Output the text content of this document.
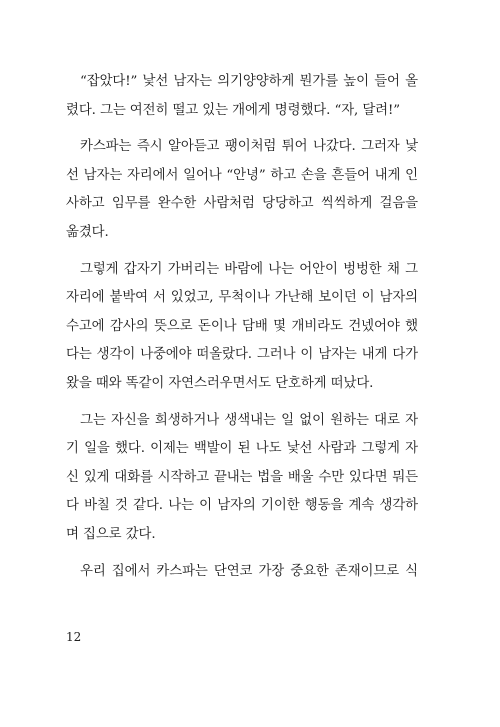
“잡았다!” 낯선 남자는 의기양양하게 뭔가를 높이 들어 올
렸다. 그는 여전히 떨고 있는 개에게 명령했다. “자, 달려!”

카스파는 즉시 알아듣고 팽이처럼 튀어 나갔다. 그러자 낯
선 남자는 자리에서 일어나 “안녕” 하고 손을 흔들어 내게 인
사하고 임무를 완수한 사람처럼 당당하고 씩씩하게 걸음을
옮겼다.

그렇게 갑자기 가버리는 바람에 나는 어안이 벙벙한 채 그
자리에 붙박여 서 있었고, 무척이나 가난해 보이던 이 남자의
수고에 감사의 뜻으로 돈이나 담배 몇 개비라도 건넸어야 했
다는 생각이 나중에야 떠올랐다. 그러나 이 남자는 내게 다가
왔을 때와 똑같이 자연스러우면서도 단호하게 떠났다.

그는 자신을 희생하거나 생색내는 일 없이 원하는 대로 자
기 일을 했다. 이제는 백발이 된 나도 낯선 사람과 그렇게 자
신 있게 대화를 시작하고 끝내는 법을 배울 수만 있다면 뭐든
다 바칠 것 같다. 나는 이 남자의 기이한 행동을 계속 생각하
며 집으로 갔다.

우리 집에서 카스파는 단연코 가장 중요한 존재이므로 식

12
